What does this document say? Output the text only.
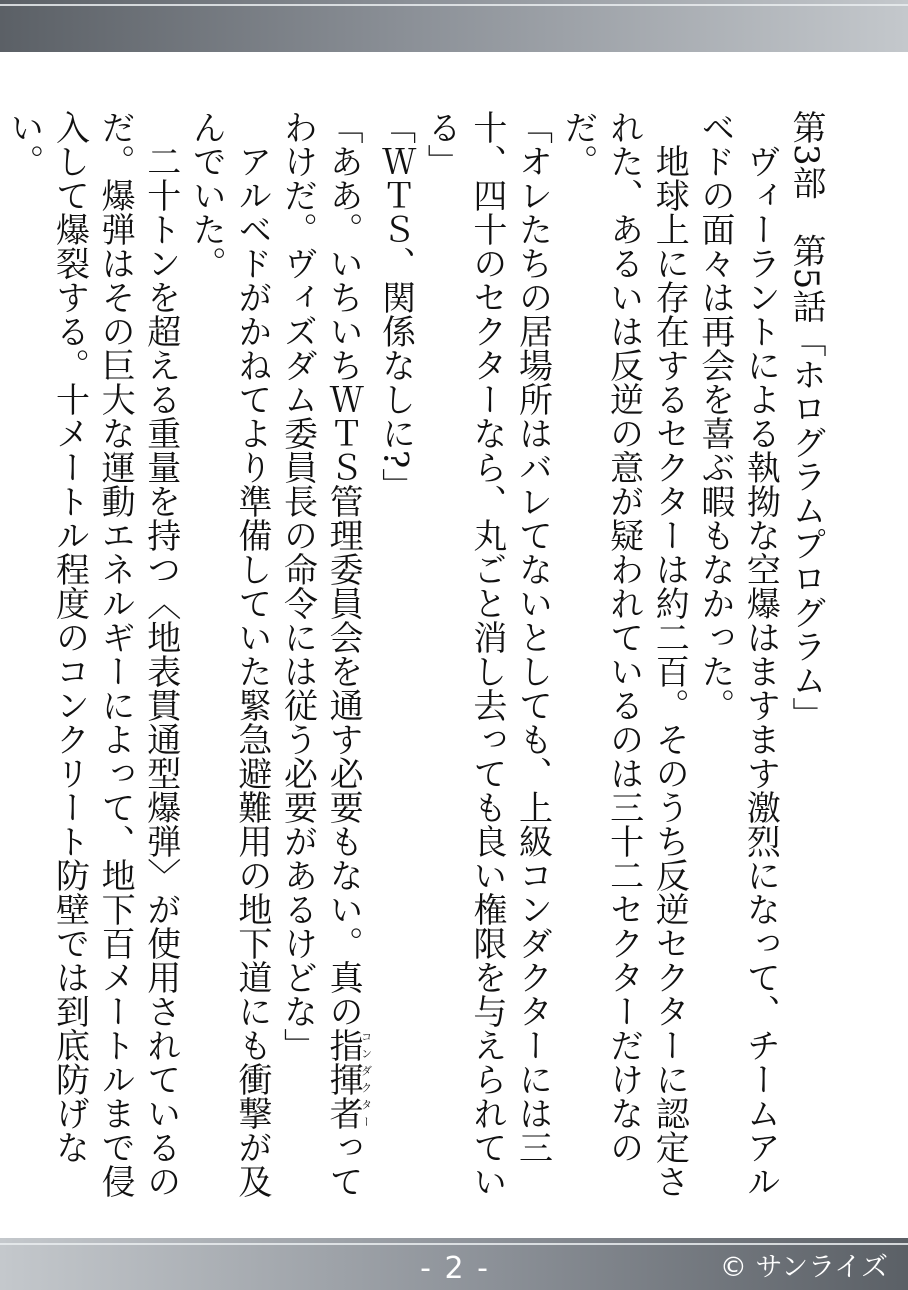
第3部　第5話「ホログラムプログラム」

ヴィーラントによる執拗な空爆はますます激烈になって、チームアルベドの面々は再会を喜ぶ暇もなかった。

地球上に存在するセクターは約二百。そのうち反逆セクターに認定された、あるいは反逆の意が疑われているのは三十二セクターだけなのだ。

「オレたちの居場所はバレてないとしても、上級コンダクターには三十、四十のセクターなら、丸ごと消し去っても良い権限を与えられている」

「ＷＴＳ、関係なしに?」

「ああ。いちいちＷＴＳ管理委員会を通す必要もない。真の指揮者コンダクターってわけだ。ヴィズダム委員長の命令には従う必要があるけどな」

アルベドがかねてより準備していた緊急避難用の地下道にも衝撃が及んでいた。

二十トンを超える重量を持つ〈地表貫通型爆弾〉が使用されているのだ。爆弾はその巨大な運動エネルギーによって、地下百メートルまで侵入して爆裂する。十メートル程度のコンクリート防壁では到底防げない。

- 2 -	© サンライズ
